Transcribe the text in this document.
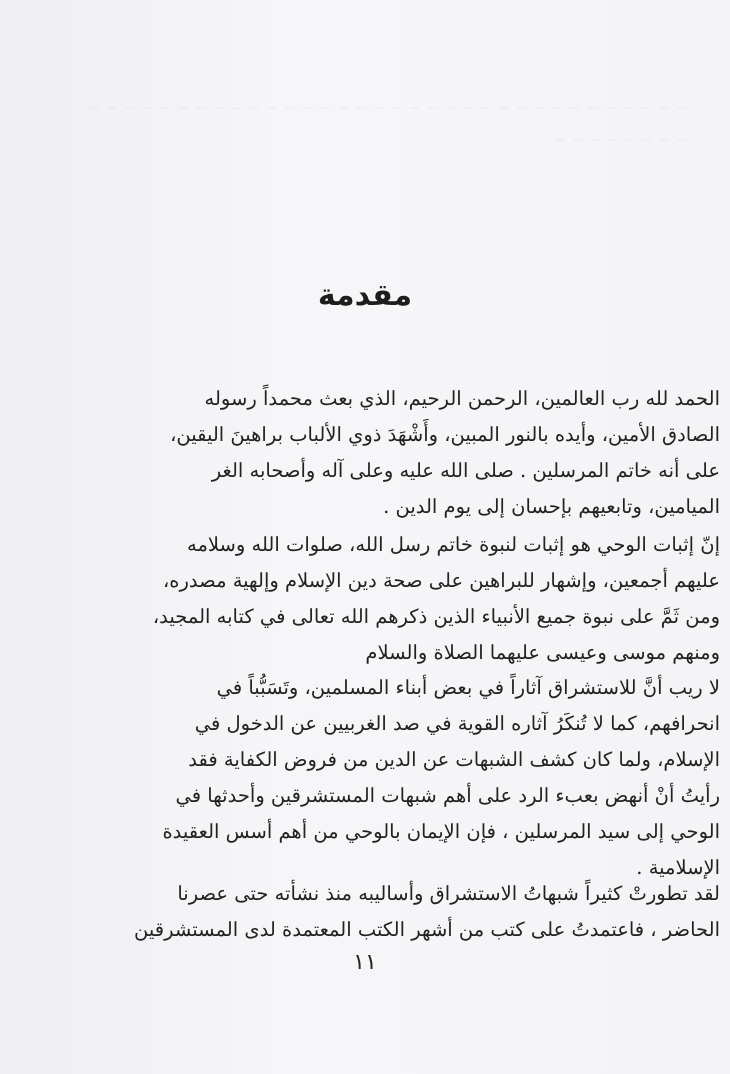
~ ~ ~ ~ ~ ~ ~ ~ ~ ~ ~ ~ ~ ~ ~ ~ ~ ~ ~ ~ ~ ~ ~ ~ ~ ~ ~ ~ ~ ~ ~ ~ ~ ~ ~ ~ ~ ~ ~ ~ ~ ~
مقدمة
الحمد لله رب العالمين، الرحمن الرحيم، الذي بعث محمداً رسوله
الصادق الأمين، وأيده بالنور المبين، وأَشْهَدَ ذوي الألباب براهينَ اليقين،
على أنه خاتم المرسلين . صلى الله عليه وعلى آله وأصحابه الغر
الميامين، وتابعيهم بإحسان إلى يوم الدين .
إنّ إثبات الوحي هو إثبات لنبوة خاتم رسل الله، صلوات الله وسلامه
عليهم أجمعين، وإشهار للبراهين على صحة دين الإسلام وإلهية مصدره،
ومن ثَمَّ على نبوة جميع الأنبياء الذين ذكرهم الله تعالى في كتابه المجيد،
ومنهم موسى وعيسى عليهما الصلاة والسلام
لا ريب أنَّ للاستشراق آثاراً في بعض أبناء المسلمين، وتَسَبُّباً في
انحرافهم، كما لا تُنكَرُ آثاره القوية في صد الغربيين عن الدخول في
الإسلام، ولما كان كشف الشبهات عن الدين من فروض الكفاية فقد
رأيتُ أنْ أنهض بعبء الرد على أهم شبهات المستشرقين وأحدثها في
الوحي إلى سيد المرسلين ، فإن الإيمان بالوحي من أهم أسس العقيدة
الإسلامية .
لقد تطورتْ كثيراً شبهاتُ الاستشراق وأساليبه منذ نشأته حتى عصرنا
الحاضر ، فاعتمدتُ على كتب من أشهر الكتب المعتمدة لدى المستشرقين
١١
